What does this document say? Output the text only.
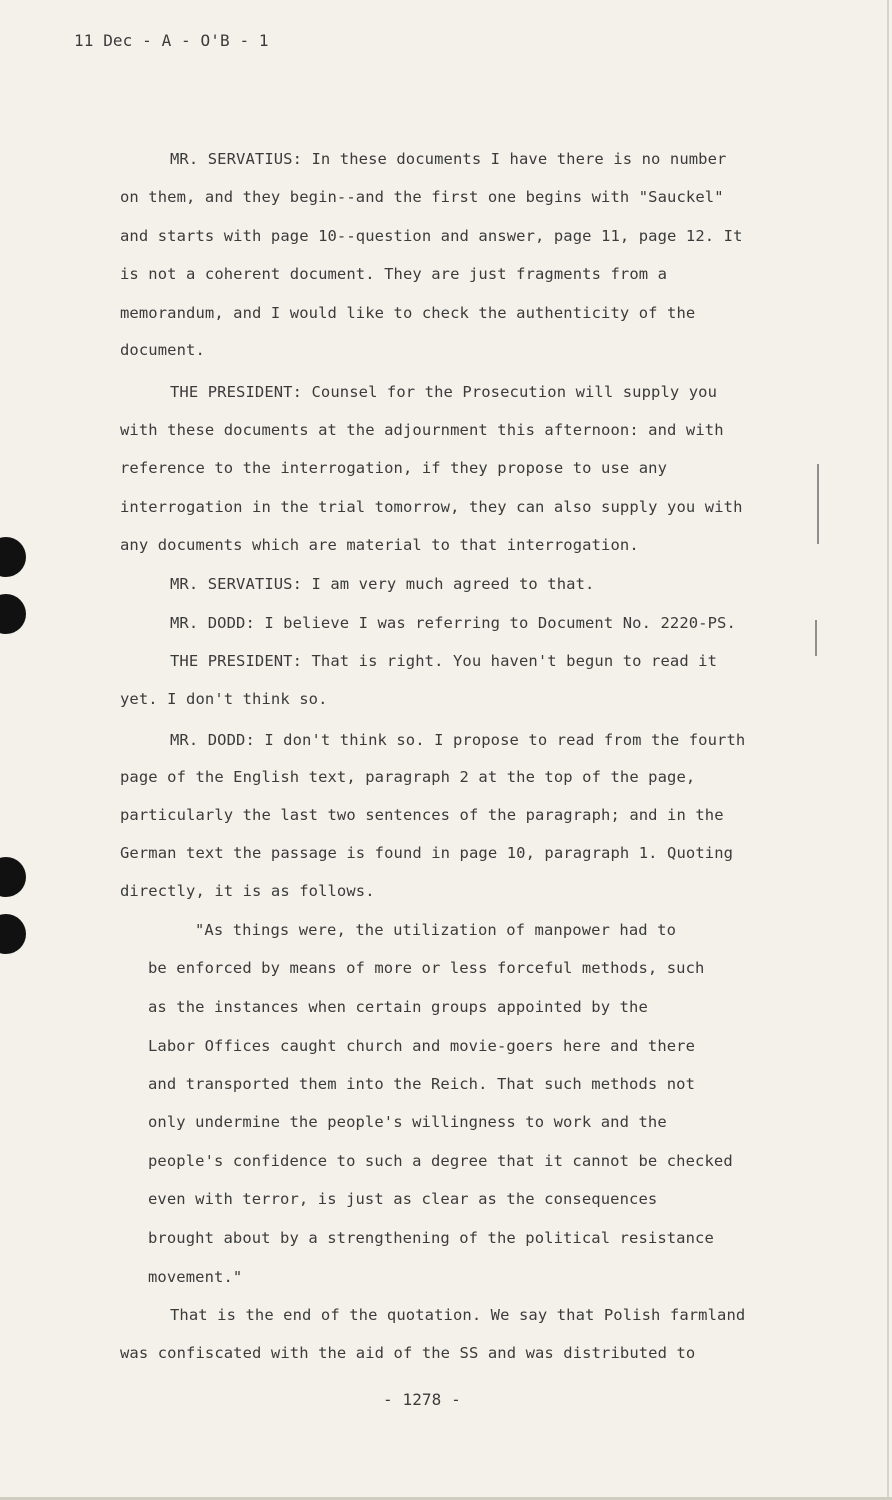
11 Dec - A - O'B - 1
MR. SERVATIUS: In these documents I have there is no number
on them, and they begin--and the first one begins with "Sauckel"
and starts with page 10--question and answer, page 11, page 12. It
is not a coherent document. They are just fragments from a
memorandum, and I would like to check the authenticity of the
document.
THE PRESIDENT: Counsel for the Prosecution will supply you
with these documents at the adjournment this afternoon: and with
reference to the interrogation, if they propose to use any
interrogation in the trial tomorrow, they can also supply you with
any documents which are material to that interrogation.
MR. SERVATIUS: I am very much agreed to that.
MR. DODD: I believe I was referring to Document No. 2220-PS.
THE PRESIDENT: That is right. You haven't begun to read it
yet. I don't think so.
MR. DODD: I don't think so. I propose to read from the fourth
page of the English text, paragraph 2 at the top of the page,
particularly the last two sentences of the paragraph; and in the
German text the passage is found in page 10, paragraph 1. Quoting
directly, it is as follows.
"As things were, the utilization of manpower had to
be enforced by means of more or less forceful methods, such
as the instances when certain groups appointed by the
Labor Offices caught church and movie-goers here and there
and transported them into the Reich. That such methods not
only undermine the people's willingness to work and the
people's confidence to such a degree that it cannot be checked
even with terror, is just as clear as the consequences
brought about by a strengthening of the political resistance
movement."
That is the end of the quotation. We say that Polish farmland
was confiscated with the aid of the SS and was distributed to
- 1278 -
